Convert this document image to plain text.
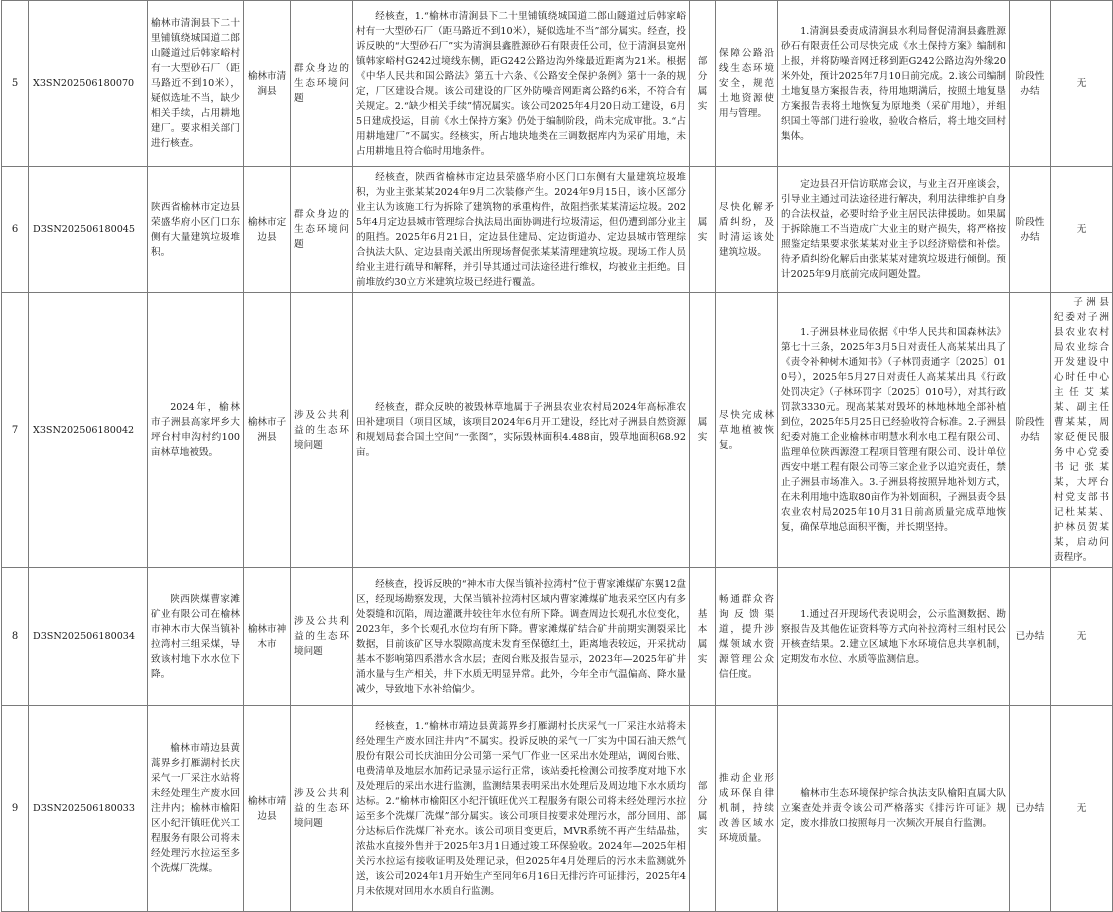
5	X3SN202506180070	榆林市清涧县下二十里铺镇绕城国道二郎山隧道过后韩家峪村有一大型砂石厂（距马路近不到10米），疑似选址不当，缺少相关手续，占用耕地建厂。要求相关部门进行核查。	榆林市清涧县	群众身边的生态环境问题	经核查，1.“榆林市清涧县下二十里铺镇绕城国道二郎山隧道过后韩家峪村有一大型砂石厂（距马路近不到10米），疑似选址不当”部分属实。经查，投诉反映的“大型砂石厂”实为清涧县鑫胜源砂石有限责任公司，位于清涧县宽州镇韩家峪村G242过境线东侧，距G242公路边沟外缘最近距离为21米。根据《中华人民共和国公路法》第五十六条、《公路安全保护条例》第十一条的规定，厂区建设合规。该公司建设的厂区外防噪音网距离公路约6米，不符合有关规定。2.“缺少相关手续”情况属实。该公司2025年4月20日动工建设，6月5日建成投运，目前《水土保持方案》仍处于编制阶段，尚未完成审批。3.“占用耕地建厂”不属实。经核实，所占地块地类在三调数据库内为采矿用地，未占用耕地且符合临时用地条件。	部分属实	保障公路沿线生态环境安全，规范土地资源使用与管理。	1.清涧县委责成清涧县水利局督促清涧县鑫胜源砂石有限责任公司尽快完成《水土保持方案》编制和上报，并将防噪音网迁移到距G242公路边沟外缘20米外处，预计2025年7月10日前完成。2.该公司编制土地复垦方案报告表，待用地期满后，按照土地复垦方案报告表将土地恢复为原地类（采矿用地），并组织国土等部门进行验收，验收合格后，将土地交回村集体。	阶段性办结	无
6	D3SN202506180045	陕西省榆林市定边县荣盛华府小区门口东侧有大量建筑垃圾堆积。	榆林市定边县	群众身边的生态环境问题	经核查，陕西省榆林市定边县荣盛华府小区门口东侧有大量建筑垃圾堆积，为业主张某某2024年9月二次装修产生。2024年9月15日，该小区部分业主认为该施工行为拆除了建筑物的承重构件，故阻挡张某某清运垃圾。2025年4月定边县城市管理综合执法局出面协调进行垃圾清运，但仍遭到部分业主的阻挡。2025年6月21日，定边县住建局、定边街道办、定边县城市管理综合执法大队、定边县南关派出所现场督促张某某清理建筑垃圾。现场工作人员给业主进行疏导和解释，并引导其通过司法途径进行维权，均被业主拒绝。目前堆放约30立方米建筑垃圾已经进行覆盖。	属实	尽快化解矛盾纠纷，及时清运该处建筑垃圾。	定边县召开信访联席会议，与业主召开座谈会，引导业主通过司法途径进行解决，利用法律维护自身的合法权益，必要时给予业主居民法律援助。如果属于拆除施工不当造成广大业主的财产损失，将严格按照鉴定结果要求张某某对业主予以经济赔偿和补偿。待矛盾纠纷化解后由张某某对建筑垃圾进行倾倒。预计2025年9月底前完成问题处置。	阶段性办结	无
7	X3SN202506180042	2024年，榆林市子洲县高家坪乡大坪台村申沟村约100亩林草地被毁。	榆林市子洲县	涉及公共利益的生态环境问题	经核查，群众反映的被毁林草地属于子洲县农业农村局2024年高标准农田补建项目（项目区域，该项目2024年6月开工建设，经比对子洲县自然资源和规划局套合国土空间“一张图”，实际毁林面积4.488亩，毁草地面积68.92亩。	属实	尽快完成林草地植被恢复。	1.子洲县林业局依据《中华人民共和国森林法》第七十三条，2025年3月5日对责任人高某某出具了《责令补种树木通知书》（子林罚责通字〔2025〕010号），2025年5月27日对责任人高某某出具《行政处罚决定》（子林环罚字〔2025〕010号），对其行政罚款3330元。现高某某对毁坏的林地林地全部补植到位，2025年5月25日已经验收符合标准。2.子洲县纪委对施工企业榆林市明慧水利水电工程有限公司、监理单位陕西源澄工程项目管理有限公司、设计单位西安中堪工程有限公司等三家企业予以追究责任，禁止子洲县市场准入。3.子洲县将按照异地补划方式，在未利用地中选取80亩作为补划面积，子洲县责令县农业农村局2025年10月31日前高质量完成草地恢复，确保草地总面积平衡，并长期坚持。	阶段性办结	子洲县纪委对子洲县农业农村局农业综合开发建设中心时任中心主任艾某某、副主任曹某某，周家砭便民服务中心党委书记张某某，大坪台村党支部书记杜某某、护林员贺某某，启动问责程序。
8	D3SN202506180034	陕西陕煤曹家滩矿业有限公司在榆林市神木市大保当镇补拉湾村三组采煤，导致该村地下水水位下降。	榆林市神木市	涉及公共利益的生态环境问题	经核查，投诉反映的“神木市大保当镇补拉湾村”位于曹家滩煤矿东翼12盘区，经现场勘察发现，大保当镇补拉湾村区域内曹家滩煤矿地表采空区内有多处裂缝和沉陷，周边灌溉井较往年水位有所下降。调查周边长观孔水位变化，2023年，多个长观孔水位均有所下降。曹家滩煤矿结合矿井前期实测裂采比数据，目前该矿区导水裂隙高度未发育至保德红土，距离地表较远，开采扰动基本不影响第四系潜水含水层；查阅台账及报告显示，2023年—2025年矿井涌水量与生产相关，井下水质无明显异常。此外，今年全市气温偏高、降水量减少，导致地下水补给偏少。	基本属实	畅通群众咨询反馈渠道，提升涉煤领域水资源管理公众信任度。	1.通过召开现场代表说明会，公示监测数据、勘察报告及其他佐证资料等方式向补拉湾村三组村民公开核查结果。2.建立区域地下水环境信息共享机制，定期发布水位、水质等监测信息。	已办结	无
9	D3SN202506180033	榆林市靖边县黄蒿界乡打雁湖村长庆采气一厂采注水站将未经处理生产废水回注井内；榆林市榆阳区小纪汗镇旺优兴工程服务有限公司将未经处理污水拉运至多个洗煤厂洗煤。	榆林市靖边县	涉及公共利益的生态环境问题	经核查，1.“榆林市靖边县黄蒿界乡打雁湖村长庆采气一厂采注水站将未经处理生产废水回注井内”不属实。投诉反映的采气一厂实为中国石油天然气股份有限公司长庆油田分公司第一采气厂作业一区采出水处理站，调阅台账、电费清单及地层水加药记录显示运行正常，该站委托检测公司按季度对地下水及处理后的采出水进行监测，监测结果表明采出水处理后及周边地下水水质均达标。2.“榆林市榆阳区小纪汗镇旺优兴工程服务有限公司将未经处理污水拉运至多个洗煤厂洗煤”部分属实。该公司项目按要求处理污水，部分回用、部分达标后作洗煤厂补充水。该公司项目变更后，MVR系统不再产生结晶盐，浓盐水直接外售并于2025年3月1日通过竣工环保验收。2024年—2025年相关污水拉运有接收证明及处理记录，但2025年4月处理后的污水未监测就外送，该公司2024年1月开始生产至同年6月16日无排污许可证排污，2025年4月未依规对回用水水质自行监测。	部分属实	推动企业形成环保自律机制，持续改善区域水环境质量。	榆林市生态环境保护综合执法支队榆阳直属大队立案查处并责令该公司严格落实《排污许可证》规定，废水排放口按照每月一次频次开展自行监测。	已办结	无
